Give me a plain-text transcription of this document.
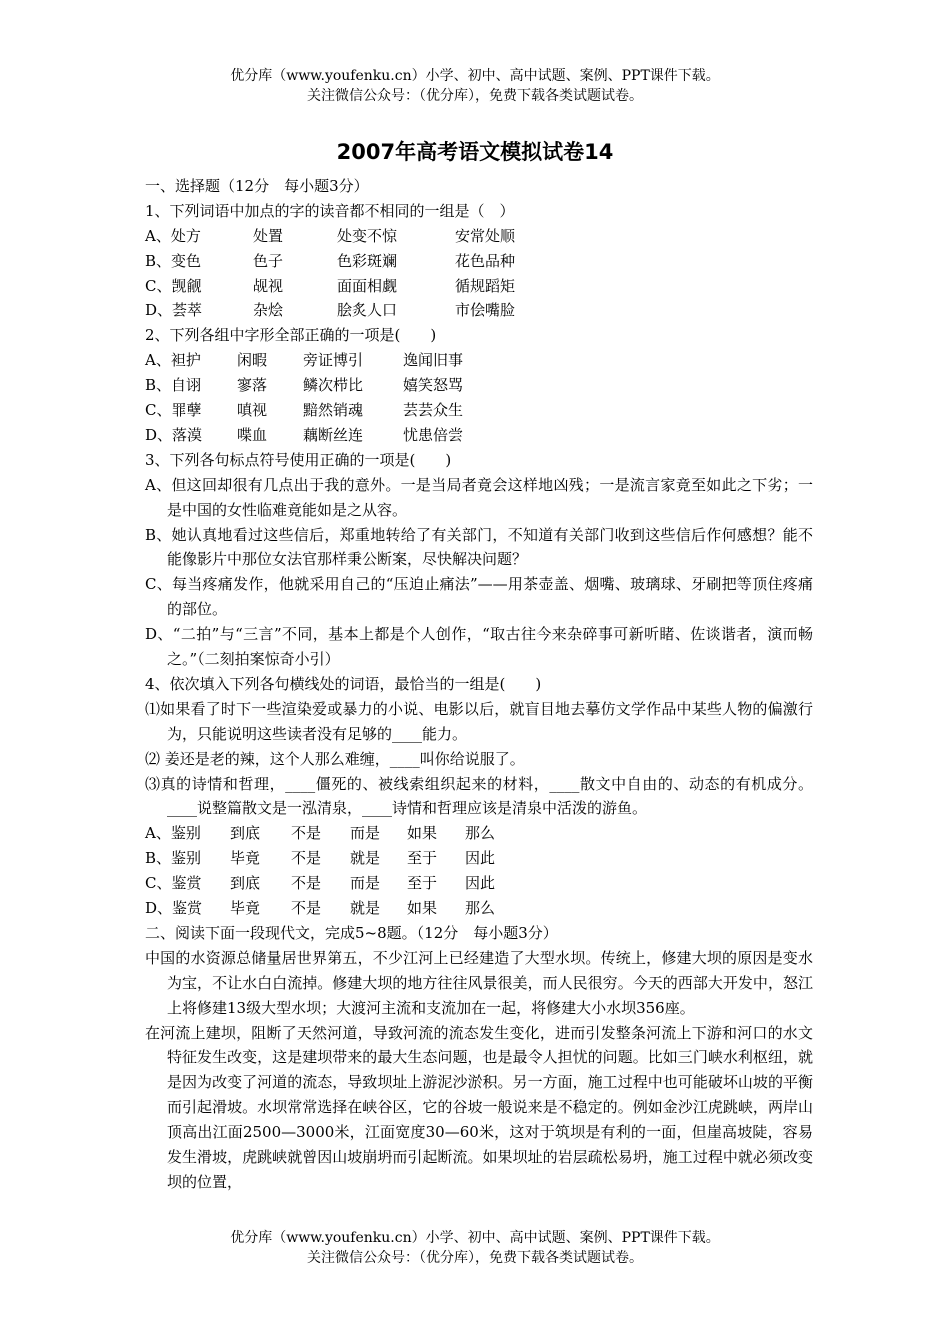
优分库（www.youfenku.cn）小学、初中、高中试题、案例、PPT课件下载。
关注微信公众号：（优分库），免费下载各类试题试卷。
2007年高考语文模拟试卷14
一、选择题（12分　每小题3分）
1、下列词语中加点的字的读音都不相同的一组是（　）
A、处方	处置	处变不惊	安常处顺
B、变色	色子	色彩斑斓	花色品种
C、觊觎	觇视	面面相觑	循规蹈矩
D、荟萃	杂烩	脍炙人口	市侩嘴脸
2、下列各组中字形全部正确的一项是(　　)
A、袒护	闲暇	旁证博引	逸闻旧事
B、自诩	寥落	鳞次栉比	嬉笑怒骂
C、罪孽	嗔视	黯然销魂	芸芸众生
D、落漠	喋血	藕断丝连	忧患倍尝
3、下列各句标点符号使用正确的一项是(　　)
A、但这回却很有几点出于我的意外。一是当局者竟会这样地凶残；一是流言家竟至如此之下劣；一是中国的女性临难竟能如是之从容。
B、她认真地看过这些信后，郑重地转给了有关部门，不知道有关部门收到这些信后作何感想？能不能像影片中那位女法官那样秉公断案，尽快解决问题？
C、每当疼痛发作，他就采用自己的“压迫止痛法”——用茶壶盖、烟嘴、玻璃球、牙刷把等顶住疼痛的部位。
D、“二拍”与“三言”不同，基本上都是个人创作，“取古往今来杂碎事可新听睹、佐谈谐者，演而畅之。”（二刻拍案惊奇小引）
4、依次填入下列各句横线处的词语，最恰当的一组是(　　)
⑴如果看了时下一些渲染爱或暴力的小说、电影以后，就盲目地去摹仿文学作品中某些人物的偏激行为，只能说明这些读者没有足够的____能力。
⑵ 姜还是老的辣，这个人那么难缠，____叫你给说服了。
⑶真的诗情和哲理，____僵死的、被线索组织起来的材料，____散文中自由的、动态的有机成分。____说整篇散文是一泓清泉，____诗情和哲理应该是清泉中活泼的游鱼。
A、鉴别	到底	不是	而是	如果	那么
B、鉴别	毕竟	不是	就是	至于	因此
C、鉴赏	到底	不是	而是	至于	因此
D、鉴赏	毕竟	不是	就是	如果	那么
二、阅读下面一段现代文，完成5~8题。（12分　每小题3分）
中国的水资源总储量居世界第五，不少江河上已经建造了大型水坝。传统上，修建大坝的原因是变水为宝，不让水白白流掉。修建大坝的地方往往风景很美，而人民很穷。今天的西部大开发中，怒江上将修建13级大型水坝；大渡河主流和支流加在一起，将修建大小水坝356座。
在河流上建坝，阻断了天然河道，导致河流的流态发生变化，进而引发整条河流上下游和河口的水文特征发生改变，这是建坝带来的最大生态问题，也是最令人担忧的问题。比如三门峡水利枢纽，就是因为改变了河道的流态，导致坝址上游泥沙淤积。另一方面，施工过程中也可能破坏山坡的平衡而引起滑坡。水坝常常选择在峡谷区，它的谷坡一般说来是不稳定的。例如金沙江虎跳峡，两岸山顶高出江面2500—3000米，江面宽度30—60米，这对于筑坝是有利的一面，但崖高坡陡，容易发生滑坡，虎跳峡就曾因山坡崩坍而引起断流。如果坝址的岩层疏松易坍，施工过程中就必须改变坝的位置，
优分库（www.youfenku.cn）小学、初中、高中试题、案例、PPT课件下载。
关注微信公众号：（优分库），免费下载各类试题试卷。
